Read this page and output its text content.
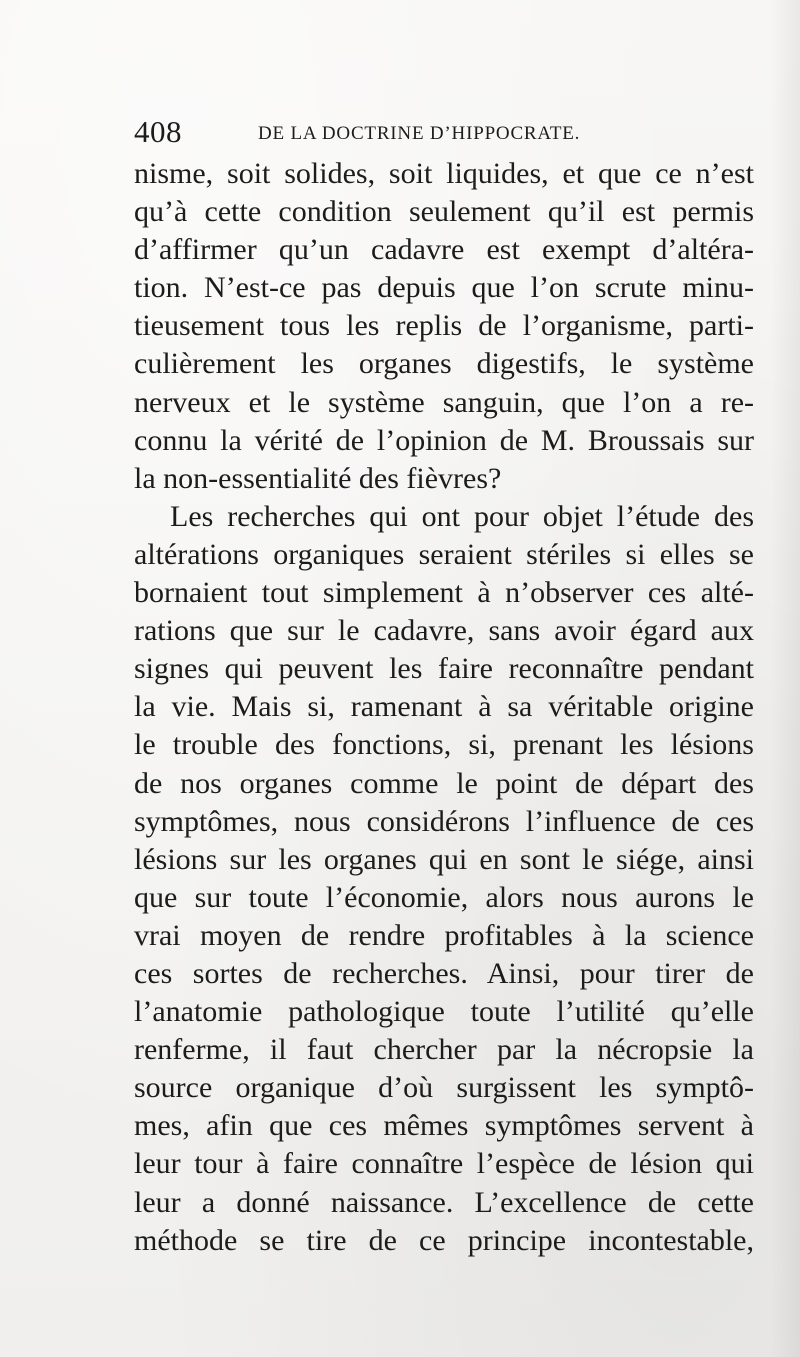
408	DE LA DOCTRINE D’HIPPOCRATE.
nisme, soit solides, soit liquides, et que ce n’est
qu’à cette condition seulement qu’il est permis
d’affirmer qu’un cadavre est exempt d’altéra-
tion. N’est-ce pas depuis que l’on scrute minu-
tieusement tous les replis de l’organisme, parti-
culièrement les organes digestifs, le système
nerveux et le système sanguin, que l’on a re-
connu la vérité de l’opinion de M. Broussais sur
la non-essentialité des fièvres?
Les recherches qui ont pour objet l’étude des
altérations organiques seraient stériles si elles se
bornaient tout simplement à n’observer ces alté-
rations que sur le cadavre, sans avoir égard aux
signes qui peuvent les faire reconnaître pendant
la vie. Mais si, ramenant à sa véritable origine
le trouble des fonctions, si, prenant les lésions
de nos organes comme le point de départ des
symptômes, nous considérons l’influence de ces
lésions sur les organes qui en sont le siége, ainsi
que sur toute l’économie, alors nous aurons le
vrai moyen de rendre profitables à la science
ces sortes de recherches. Ainsi, pour tirer de
l’anatomie pathologique toute l’utilité qu’elle
renferme, il faut chercher par la nécropsie la
source organique d’où surgissent les symptô-
mes, afin que ces mêmes symptômes servent à
leur tour à faire connaître l’espèce de lésion qui
leur a donné naissance. L’excellence de cette
méthode se tire de ce principe incontestable,
